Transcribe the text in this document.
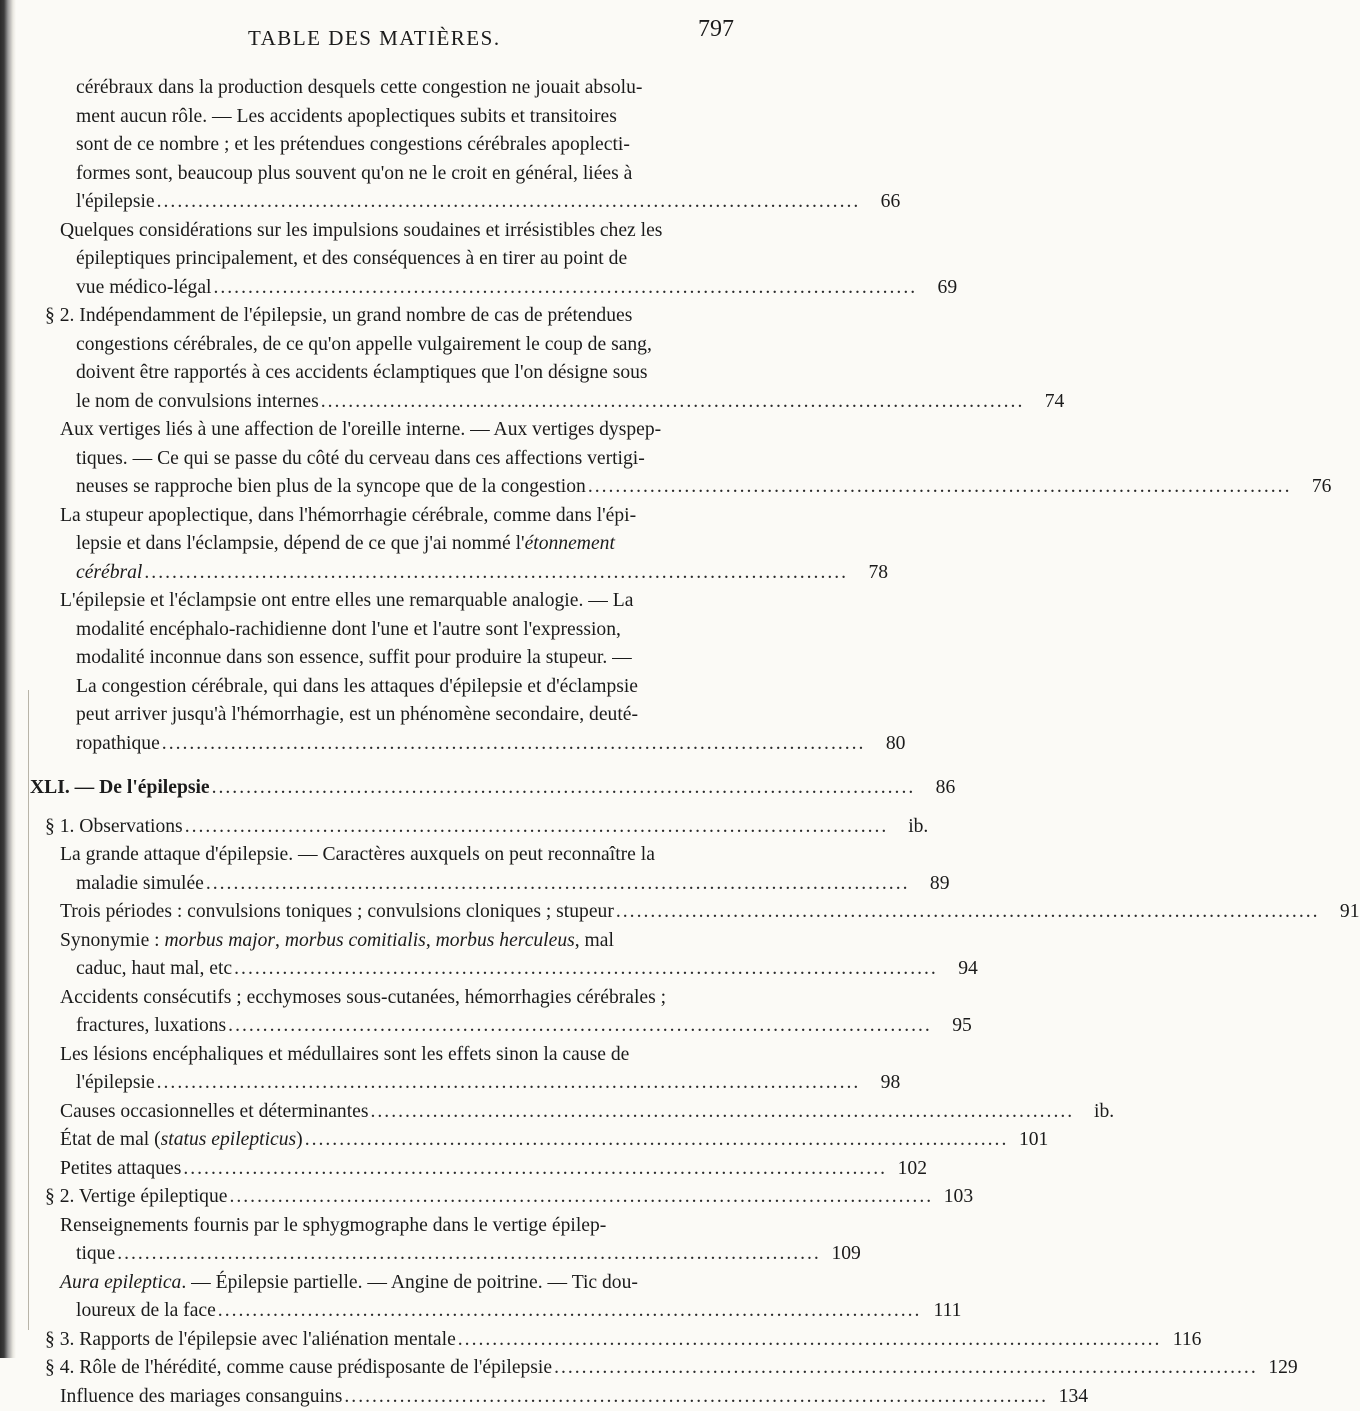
TABLE DES MATIÈRES.	797
cérébraux dans la production desquels cette congestion ne jouait absolu-
ment aucun rôle. — Les accidents apoplectiques subits et transitoires
sont de ce nombre ; et les prétendues congestions cérébrales apoplecti-
formes sont, beaucoup plus souvent qu'on ne le croit en général, liées à
l'épilepsie ......................................................................................................	66
Quelques considérations sur les impulsions soudaines et irrésistibles chez les
épileptiques principalement, et des conséquences à en tirer au point de
vue médico-légal ......................................................................................................	69
§ 2. Indépendamment de l'épilepsie, un grand nombre de cas de prétendues
congestions cérébrales, de ce qu'on appelle vulgairement le coup de sang,
doivent être rapportés à ces accidents éclamptiques que l'on désigne sous
le nom de convulsions internes ......................................................................................................	74
Aux vertiges liés à une affection de l'oreille interne. — Aux vertiges dyspep-
tiques. — Ce qui se passe du côté du cerveau dans ces affections vertigi-
neuses se rapproche bien plus de la syncope que de la congestion ......................................................................................................	76
La stupeur apoplectique, dans l'hémorrhagie cérébrale, comme dans l'épi-
lepsie et dans l'éclampsie, dépend de ce que j'ai nommé l'étonnement
cérébral ......................................................................................................	78
L'épilepsie et l'éclampsie ont entre elles une remarquable analogie. — La
modalité encéphalo-rachidienne dont l'une et l'autre sont l'expression,
modalité inconnue dans son essence, suffit pour produire la stupeur. —
La congestion cérébrale, qui dans les attaques d'épilepsie et d'éclampsie
peut arriver jusqu'à l'hémorrhagie, est un phénomène secondaire, deuté-
ropathique ......................................................................................................	80
XLI. — De l'épilepsie ......................................................................................................	86
§ 1. Observations ......................................................................................................	ib.
La grande attaque d'épilepsie. — Caractères auxquels on peut reconnaître la
maladie simulée ......................................................................................................	89
Trois périodes : convulsions toniques ; convulsions cloniques ; stupeur ......................................................................................................	91
Synonymie : morbus major, morbus comitialis, morbus herculeus, mal
caduc, haut mal, etc ......................................................................................................	94
Accidents consécutifs ; ecchymoses sous-cutanées, hémorrhagies cérébrales ;
fractures, luxations ......................................................................................................	95
Les lésions encéphaliques et médullaires sont les effets sinon la cause de
l'épilepsie ......................................................................................................	98
Causes occasionnelles et déterminantes ......................................................................................................	ib.
État de mal (status epilepticus) ...................................................................................................... 101
Petites attaques ...................................................................................................... 102
§ 2. Vertige épileptique ...................................................................................................... 103
Renseignements fournis par le sphygmographe dans le vertige épilep-
tique ...................................................................................................... 109
Aura epileptica. — Épilepsie partielle. — Angine de poitrine. — Tic dou-
loureux de la face ...................................................................................................... 111
§ 3. Rapports de l'épilepsie avec l'aliénation mentale ...................................................................................................... 116
§ 4. Rôle de l'hérédité, comme cause prédisposante de l'épilepsie ...................................................................................................... 129
Influence des mariages consanguins ...................................................................................................... 134
